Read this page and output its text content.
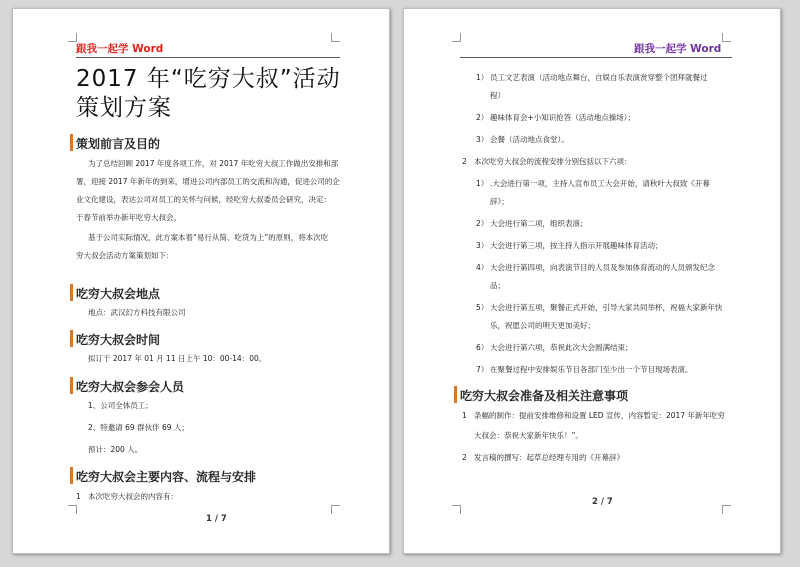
跟我一起学 Word
2017 年“吃穷大叔”活动
策划方案
策划前言及目的
为了总结回顾 2017 年度各项工作，对 2017 年吃穷大叔工作做出安排和部
署，迎接 2017 年新年的到来，增进公司内部员工的交流和沟通，促进公司的企
业文化建设，表达公司对员工的关怀与问候，经吃穷大叔委员会研究，决定：
于春节前举办新年吃穷大叔会。
基于公司实际情况，此方案本着“易行从简、吃货为上”的原则，将本次吃
穷大叔会活动方案策划如下：
吃穷大叔会地点
地点：武汉幻方科技有限公司
吃穷大叔会时间
拟订于 2017 年 01 月 11 日上午 10：00-14：00。
吃穷大叔会参会人员
1、公司全体员工；
2、特邀请 69 群伙伴 69 人；
预计：200 人。
吃穷大叔会主要内容、流程与安排
1 本次吃穷大叔会的内容有：
1 / 7
跟我一起学 Word
1） 员工文艺表演（活动地点舞台，自娱自乐表演赏穿整个团拜就餐过
程）
2） 趣味体育会+小知识抢答（活动地点操场）；
3） 会餐（活动地点食堂）。
2 本次吃穷大叔会的流程安排分别包括以下六项：
1） .大会进行第一项，主持人宣布员工大会开始，请秋叶大叔致《开幕
辞》；
2） 大会进行第二项，组织表演；
3） 大会进行第三项，按主持人指示开展趣味体育活动；
4） 大会进行第四项，向表演节目的人员及参加体育流动的人员颁发纪念
品；
5） 大会进行第五项，聚餐正式开始，引导大家共同举杯，祝福大家新年快
乐，祝愿公司的明天更加美好；
6） 大会进行第六项，恭祝此次大会圆满结束；
7） 在聚餐过程中安排娱乐节目各部门至少出一个节目现场表演。
吃穷大叔会准备及相关注意事项
1 条幅的制作：提前安排维修和设置 LED 宣传，内容暂定：2017 年新年吃穷
大叔会：恭祝大家新年快乐！”。
2 发言稿的撰写：起草总经理专用的《开幕辞》
2 / 7
